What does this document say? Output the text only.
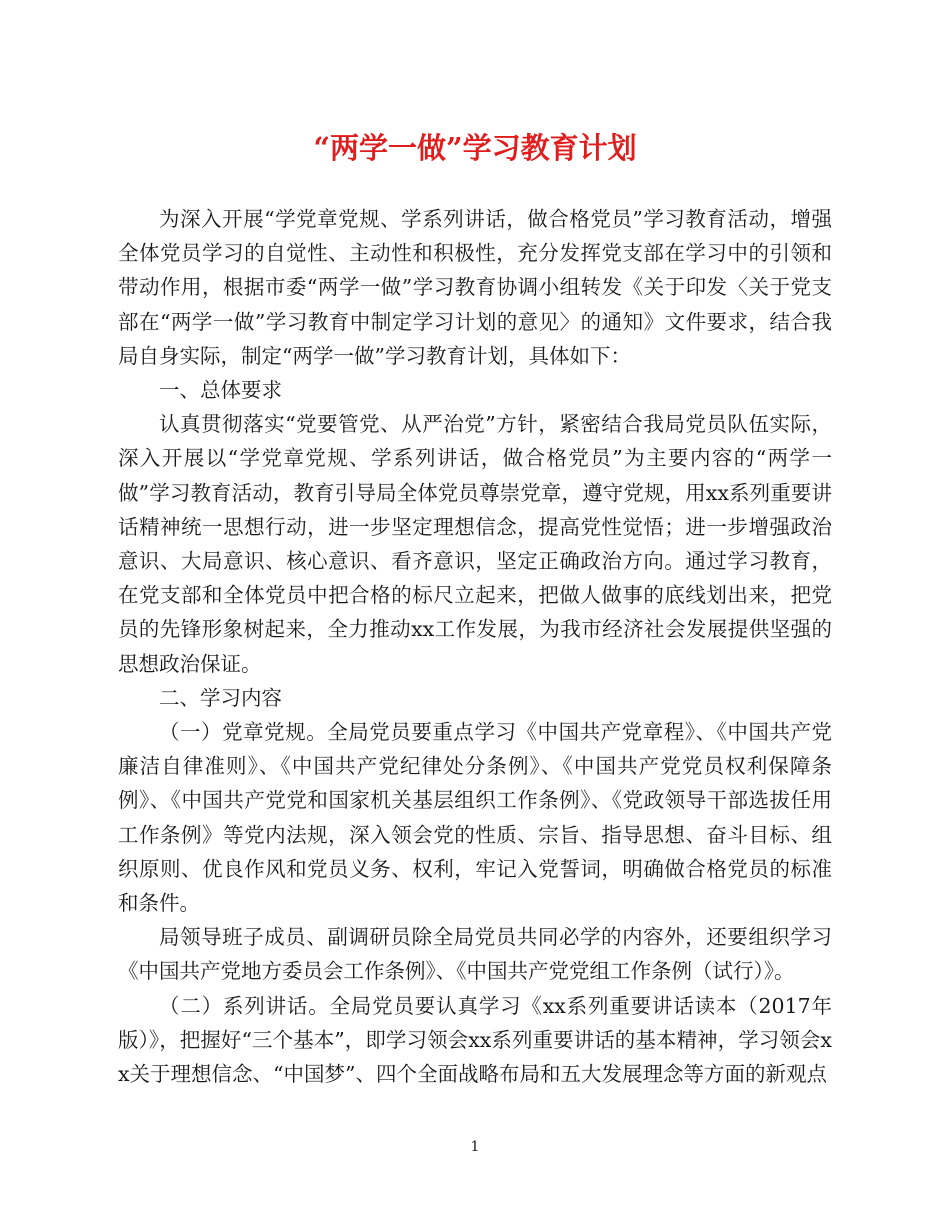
“两学一做”学习教育计划

为深入开展“学党章党规、学系列讲话，做合格党员”学习教育活动，增强全体党员学习的自觉性、主动性和积极性，充分发挥党支部在学习中的引领和带动作用，根据市委“两学一做”学习教育协调小组转发《关于印发〈关于党支部在“两学一做”学习教育中制定学习计划的意见〉的通知》文件要求，结合我局自身实际，制定“两学一做”学习教育计划，具体如下：

一、总体要求

认真贯彻落实“党要管党、从严治党”方针，紧密结合我局党员队伍实际，深入开展以“学党章党规、学系列讲话，做合格党员”为主要内容的“两学一做”学习教育活动，教育引导局全体党员尊崇党章，遵守党规，用xx系列重要讲话精神统一思想行动，进一步坚定理想信念，提高党性觉悟；进一步增强政治意识、大局意识、核心意识、看齐意识，坚定正确政治方向。通过学习教育，在党支部和全体党员中把合格的标尺立起来，把做人做事的底线划出来，把党员的先锋形象树起来，全力推动xx工作发展，为我市经济社会发展提供坚强的思想政治保证。

二、学习内容

（一）党章党规。全局党员要重点学习《中国共产党章程》、《中国共产党廉洁自律准则》、《中国共产党纪律处分条例》、《中国共产党党员权利保障条例》、《中国共产党党和国家机关基层组织工作条例》、《党政领导干部选拔任用工作条例》等党内法规，深入领会党的性质、宗旨、指导思想、奋斗目标、组织原则、优良作风和党员义务、权利，牢记入党誓词，明确做合格党员的标准和条件。

局领导班子成员、副调研员除全局党员共同必学的内容外，还要组织学习《中国共产党地方委员会工作条例》、《中国共产党党组工作条例（试行）》。

（二）系列讲话。全局党员要认真学习《xx系列重要讲话读本（2017年版）》，把握好“三个基本”，即学习领会xx系列重要讲话的基本精神，学习领会xx关于理想信念、“中国梦”、四个全面战略布局和五大发展理念等方面的新观点

1
